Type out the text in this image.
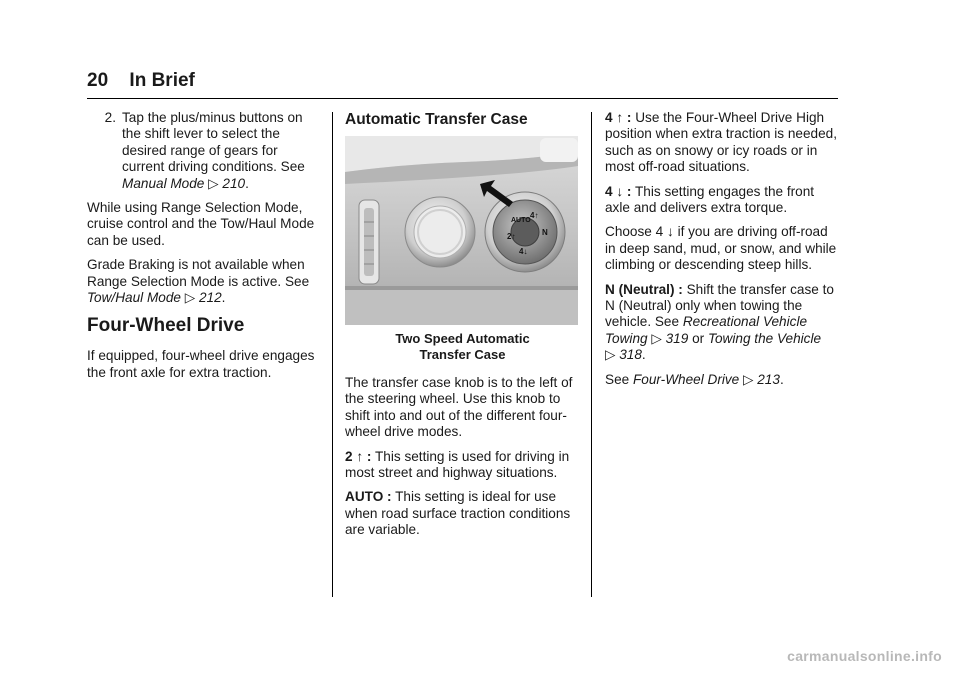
20 In Brief
2. Tap the plus/minus buttons on the shift lever to select the desired range of gears for current driving conditions. See
Manual Mode ▷ 210.

While using Range Selection Mode, cruise control and the Tow/Haul Mode can be used.

Grade Braking is not available when Range Selection Mode is active. See Tow/Haul Mode ▷ 212.

Four-Wheel Drive

If equipped, four-wheel drive engages the front axle for extra traction.

Automatic Transfer Case
AUTO
2↑
4↑
N
4↓
Two Speed Automatic
Transfer Case

The transfer case knob is to the left of the steering wheel. Use this knob to shift into and out of the different four-wheel drive modes.

2 ↑ : This setting is used for driving in most street and highway situations.

AUTO : This setting is ideal for use when road surface traction conditions are variable.

4 ↑ : Use the Four-Wheel Drive High position when extra traction is needed, such as on snowy or icy roads or in most off-road situations.

4 ↓ : This setting engages the front axle and delivers extra torque.

Choose 4 ↓ if you are driving off-road in deep sand, mud, or snow, and while climbing or descending steep hills.

N (Neutral) : Shift the transfer case to N (Neutral) only when towing the vehicle. See Recreational Vehicle Towing ▷ 319 or Towing the Vehicle
▷ 318.

See Four-Wheel Drive ▷ 213.

carmanualsonline.info
